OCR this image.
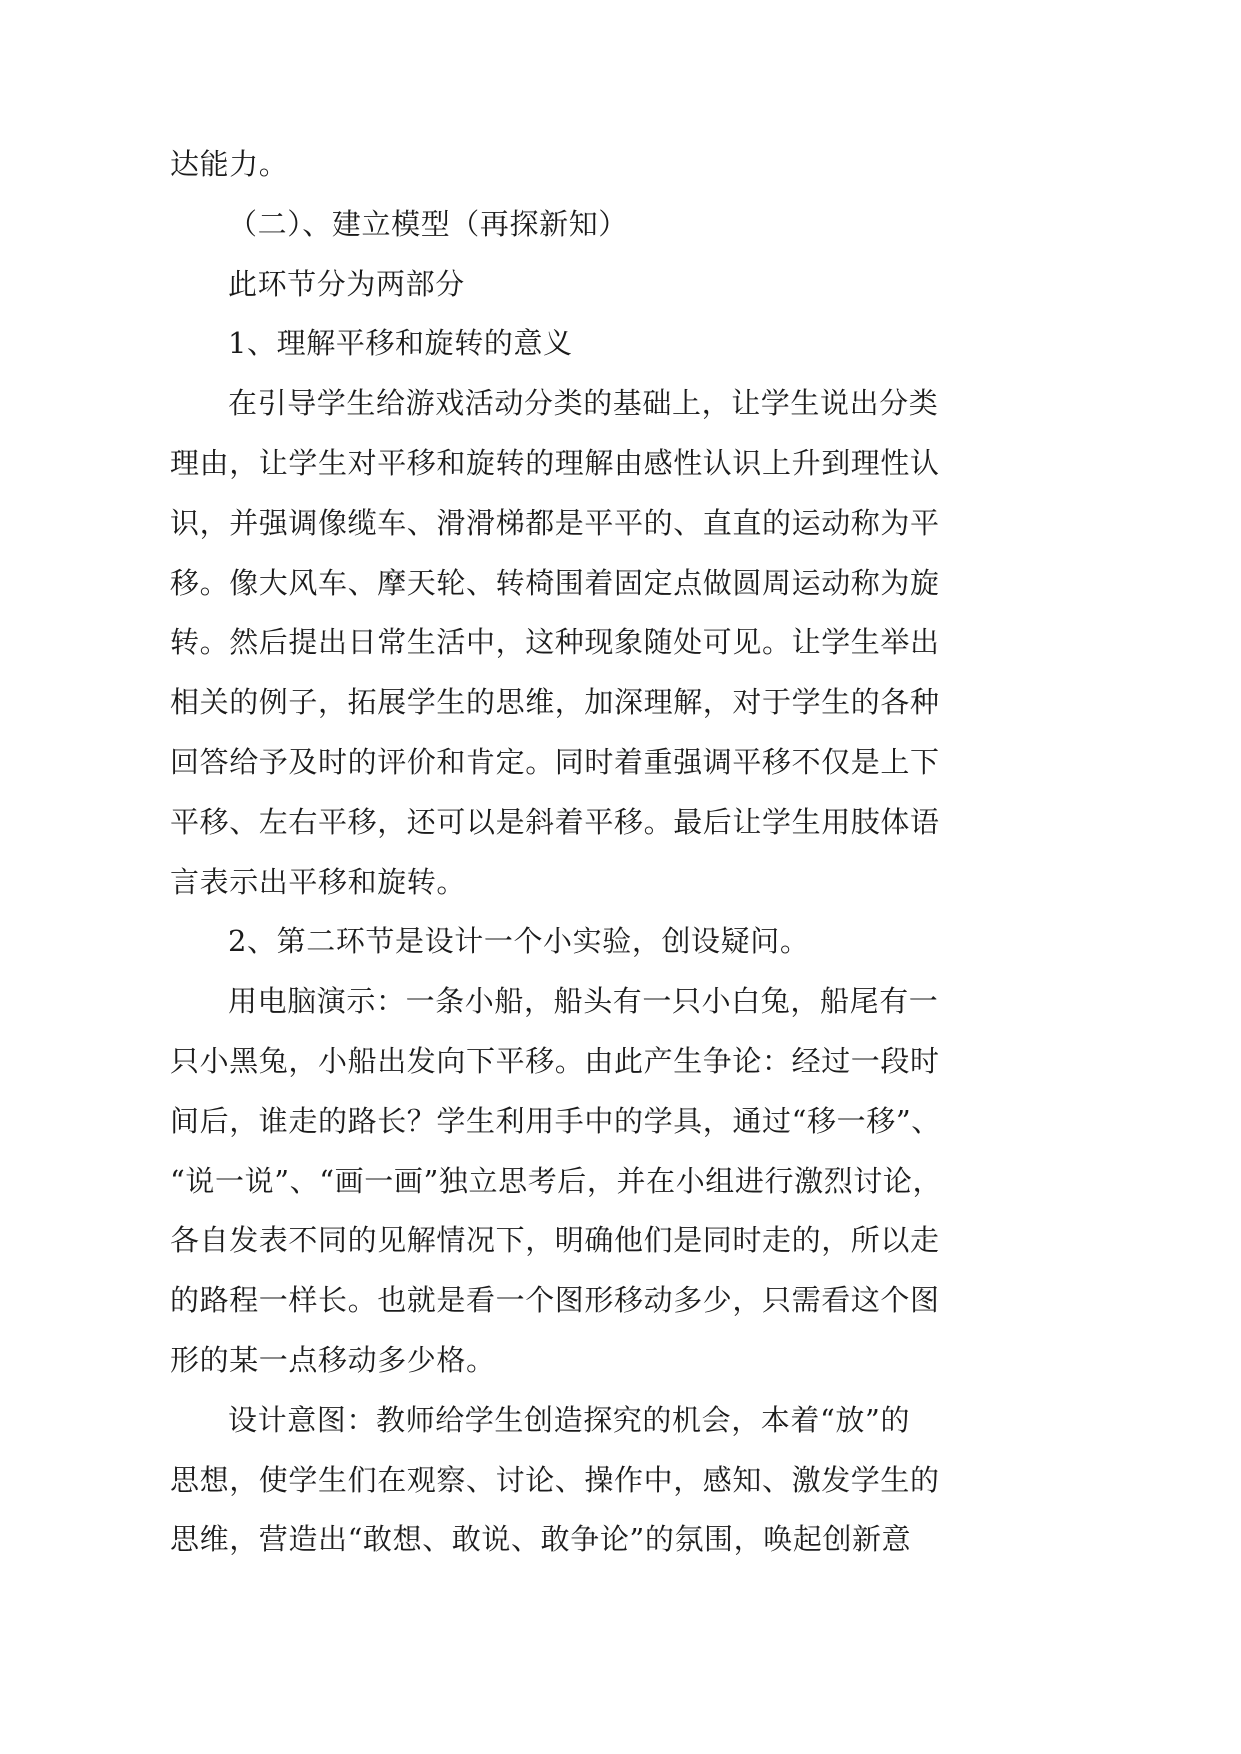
达能力。
（二）、建立模型（再探新知）
此环节分为两部分
1、理解平移和旋转的意义
在引导学生给游戏活动分类的基础上，让学生说出分类
理由，让学生对平移和旋转的理解由感性认识上升到理性认
识，并强调像缆车、滑滑梯都是平平的、直直的运动称为平
移。像大风车、摩天轮、转椅围着固定点做圆周运动称为旋
转。然后提出日常生活中，这种现象随处可见。让学生举出
相关的例子，拓展学生的思维，加深理解，对于学生的各种
回答给予及时的评价和肯定。同时着重强调平移不仅是上下
平移、左右平移，还可以是斜着平移。最后让学生用肢体语
言表示出平移和旋转。
2、第二环节是设计一个小实验，创设疑问。
用电脑演示：一条小船，船头有一只小白兔，船尾有一
只小黑兔，小船出发向下平移。由此产生争论：经过一段时
间后，谁走的路长？学生利用手中的学具，通过“移一移”、
“说一说”、“画一画”独立思考后，并在小组进行激烈讨论，
各自发表不同的见解情况下，明确他们是同时走的，所以走
的路程一样长。也就是看一个图形移动多少，只需看这个图
形的某一点移动多少格。
设计意图：教师给学生创造探究的机会，本着“放”的
思想，使学生们在观察、讨论、操作中，感知、激发学生的
思维，营造出“敢想、敢说、敢争论”的氛围，唤起创新意
